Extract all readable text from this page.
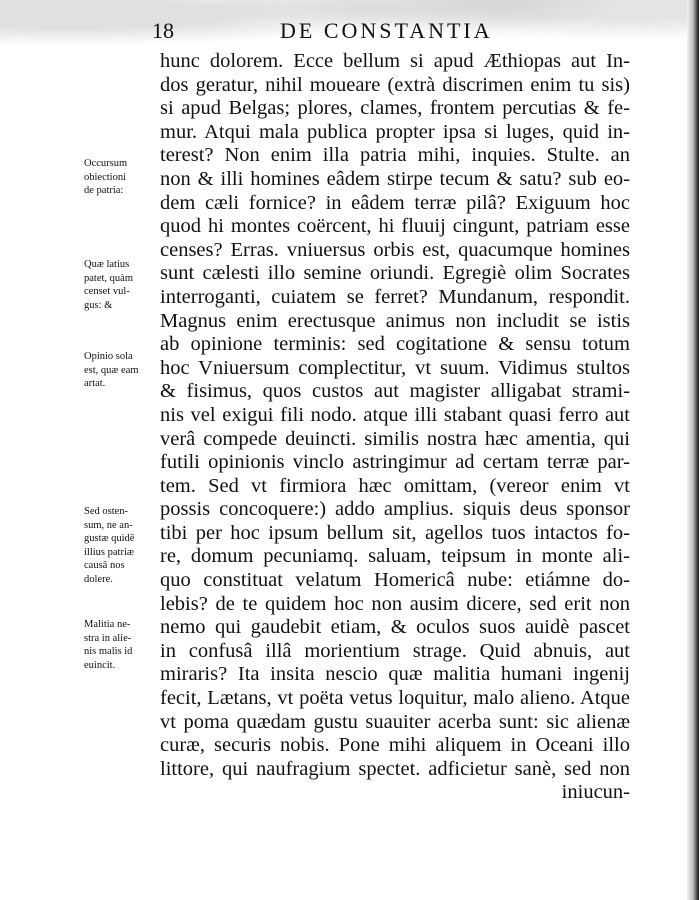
18	DE CONSTANTIA
hunc dolorem. Ecce bellum si apud Æthiopas aut In-
dos geratur, nihil moueare (extrà discrimen enim tu sis)
si apud Belgas; plores, clames, frontem percutias & fe-
mur. Atqui mala publica propter ipsa si luges, quid in-
terest? Non enim illa patria mihi, inquies. Stulte. an
non & illi homines eâdem stirpe tecum & satu? sub eo-
dem cæli fornice? in eâdem terræ pilâ? Exiguum hoc
quod hi montes coërcent, hi fluuij cingunt, patriam esse
censes? Erras. vniuersus orbis est, quacumque homines
sunt cælesti illo semine oriundi. Egregiè olim Socrates
interroganti, cuiatem se ferret? Mundanum, respondit.
Magnus enim erectusque animus non includit se istis
ab opinione terminis: sed cogitatione & sensu totum
hoc Vniuersum complectitur, vt suum. Vidimus stultos
& fisimus, quos custos aut magister alligabat strami-
nis vel exigui fili nodo. atque illi stabant quasi ferro aut
verâ compede deuincti. similis nostra hæc amentia, qui
futili opinionis vinclo astringimur ad certam terræ par-
tem. Sed vt firmiora hæc omittam, (vereor enim vt
possis concoquere:) addo amplius. siquis deus sponsor
tibi per hoc ipsum bellum sit, agellos tuos intactos fo-
re, domum pecuniamq. saluam, teipsum in monte ali-
quo constituat velatum Homericâ nube: etiámne do-
lebis? de te quidem hoc non ausim dicere, sed erit non
nemo qui gaudebit etiam, & oculos suos auidè pascet
in confusâ illâ morientium strage. Quid abnuis, aut
miraris? Ita insita nescio quæ malitia humani ingenij
fecit, Lætans, vt poëta vetus loquitur, malo alieno. Atque
vt poma quædam gustu suauiter acerba sunt: sic alienæ
curæ, securis nobis. Pone mihi aliquem in Oceani illo
littore, qui naufragium spectet. adficietur sanè, sed non
iniucun-
Occursum
obiectioni
de patria:
Quæ latius
patet, quàm
censet vul-
gus: &
Opinio sola
est, quæ eam
artat.
Sed osten-
sum, ne an-
gustæ quidē
illius patriæ
causâ nos
dolere.
Malitia ne-
stra in alie-
nis malis id
euincit.
